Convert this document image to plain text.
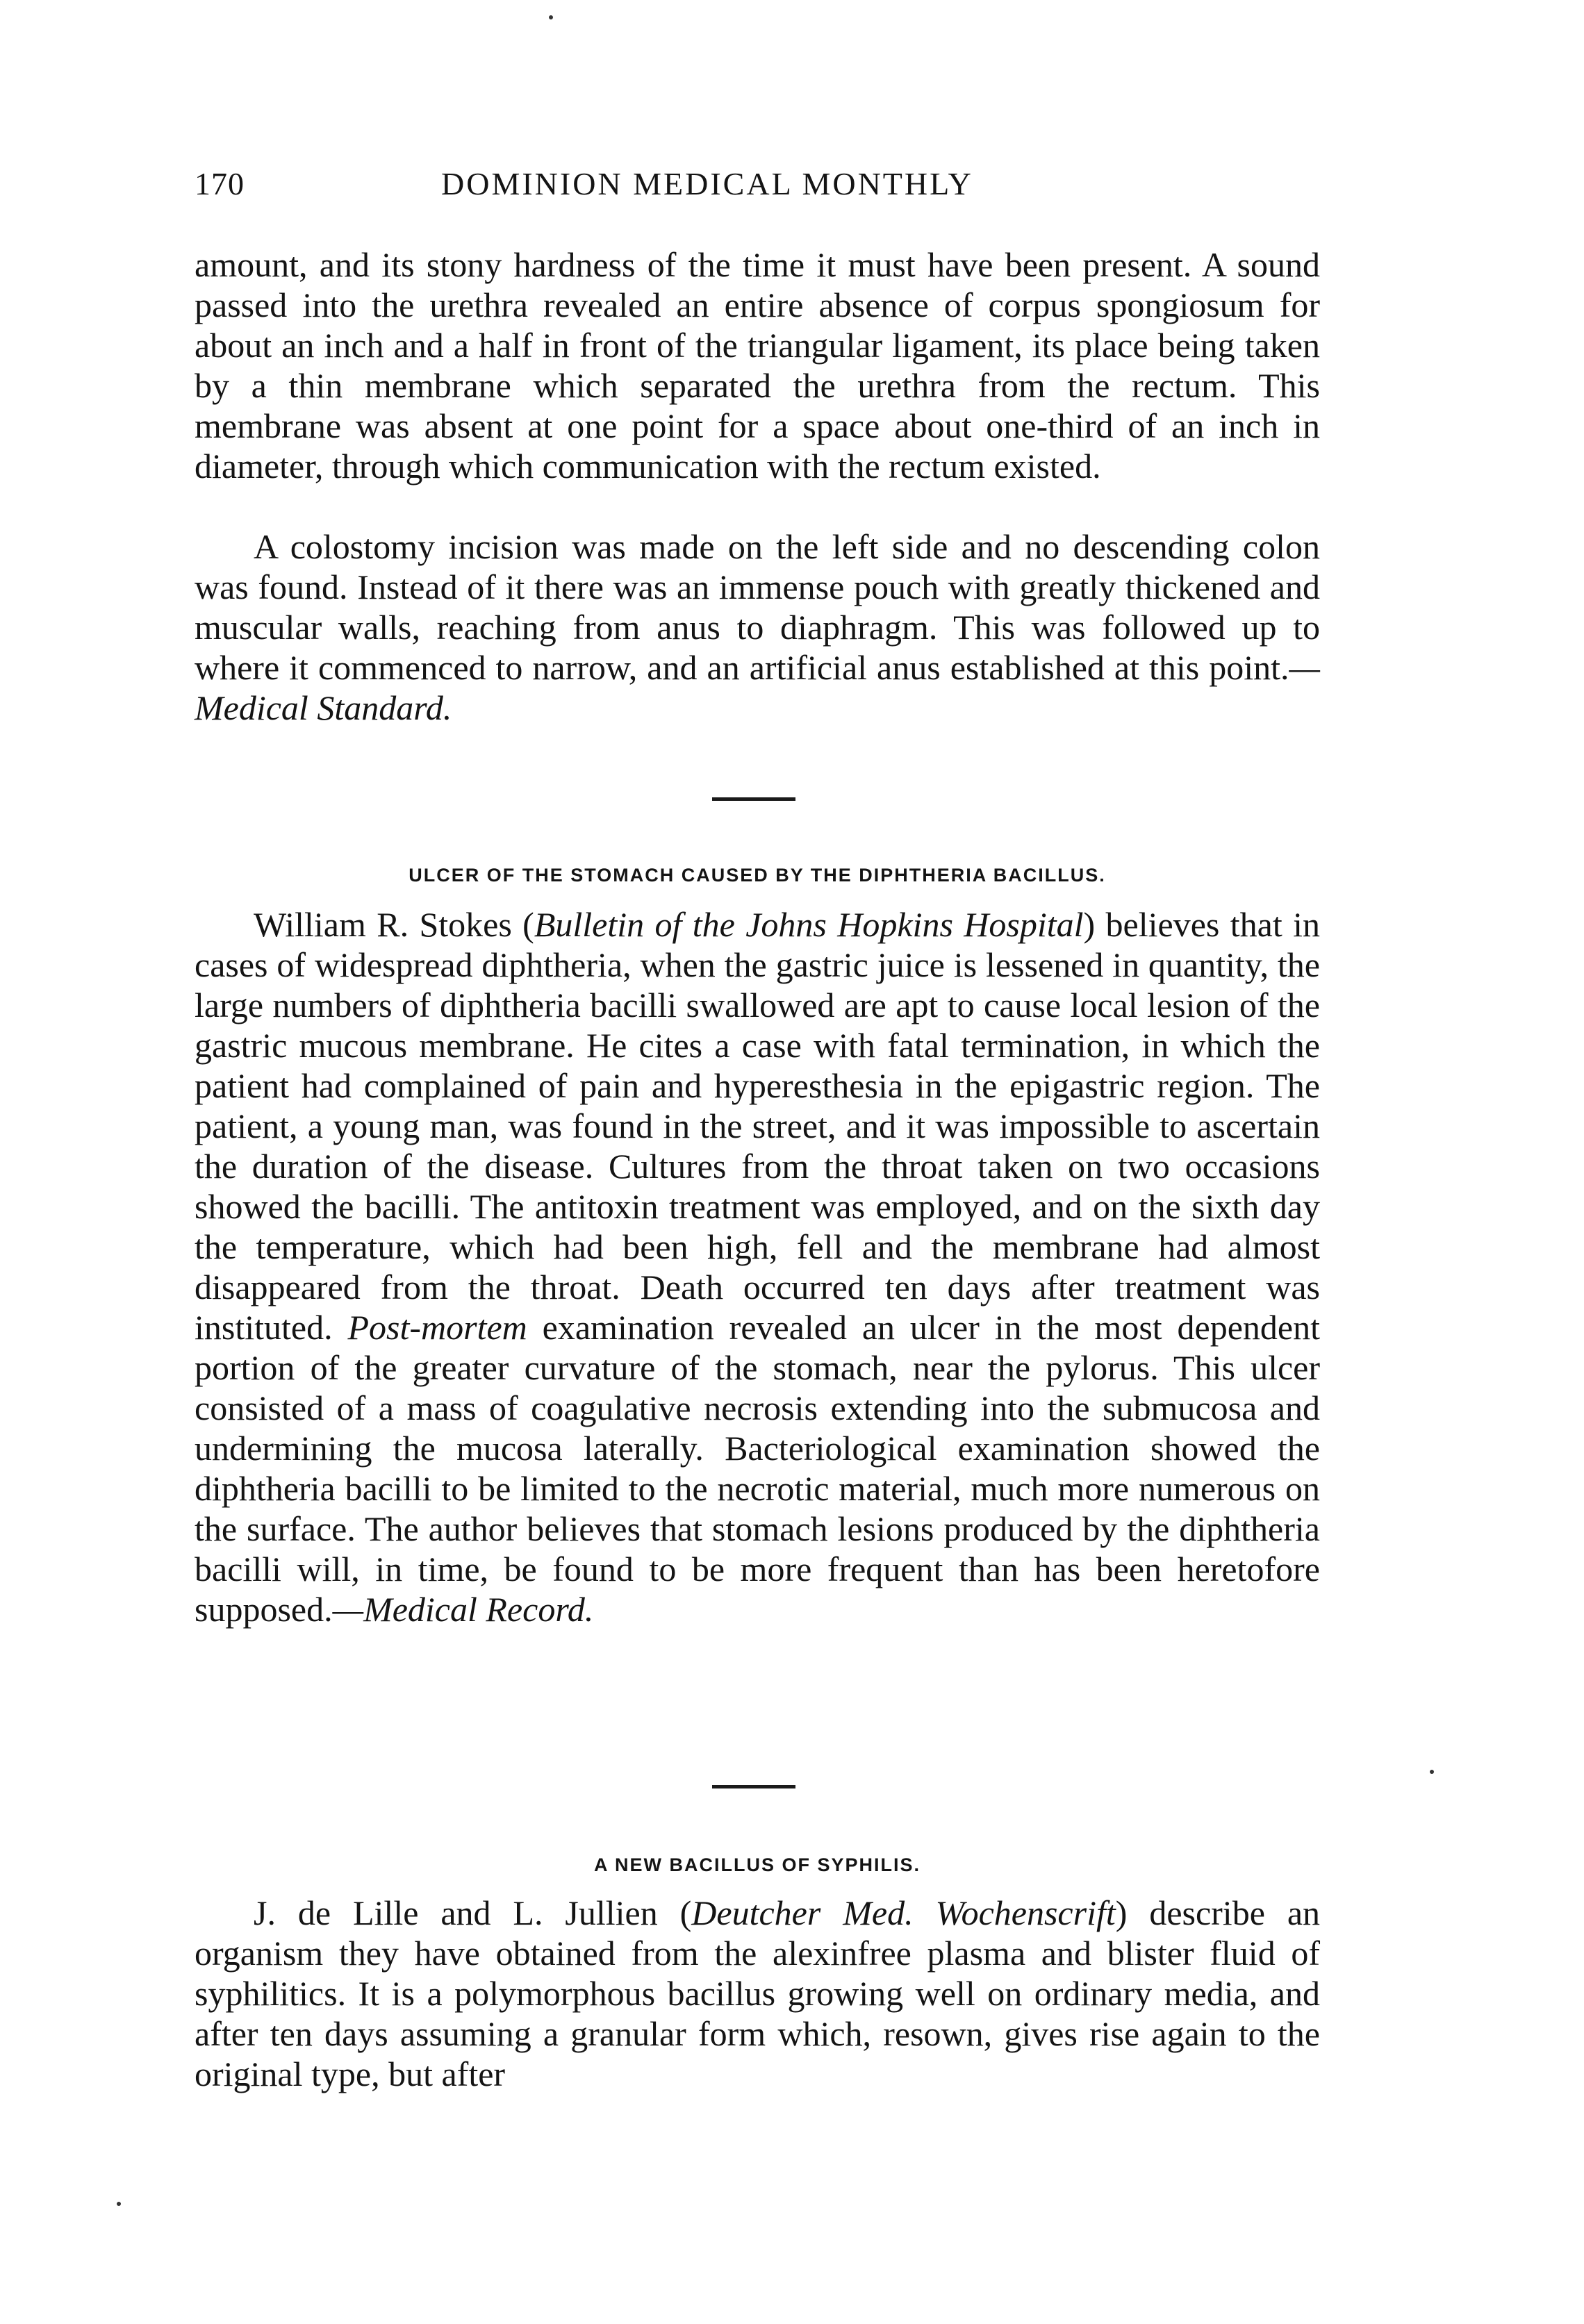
170	DOMINION MEDICAL MONTHLY

amount, and its stony hardness of the time it must have been present. A sound passed into the urethra revealed an entire absence of corpus spongiosum for about an inch and a half in front of the triangular ligament, its place being taken by a thin membrane which separated the urethra from the rectum. This membrane was absent at one point for a space about one-third of an inch in diameter, through which communication with the rectum existed.

A colostomy incision was made on the left side and no descending colon was found. Instead of it there was an immense pouch with greatly thickened and muscular walls, reaching from anus to diaphragm. This was followed up to where it commenced to narrow, and an artificial anus established at this point.—Medical Standard.

ULCER OF THE STOMACH CAUSED BY THE DIPHTHERIA BACILLUS.

William R. Stokes (Bulletin of the Johns Hopkins Hospital) believes that in cases of widespread diphtheria, when the gastric juice is lessened in quantity, the large numbers of diphtheria bacilli swallowed are apt to cause local lesion of the gastric mucous membrane. He cites a case with fatal termination, in which the patient had complained of pain and hyperesthesia in the epigastric region. The patient, a young man, was found in the street, and it was impossible to ascertain the duration of the disease. Cultures from the throat taken on two occasions showed the bacilli. The antitoxin treatment was employed, and on the sixth day the temperature, which had been high, fell and the membrane had almost disappeared from the throat. Death occurred ten days after treatment was instituted. Post-mortem examination revealed an ulcer in the most dependent portion of the greater curvature of the stomach, near the pylorus. This ulcer consisted of a mass of coagulative necrosis extending into the submucosa and undermining the mucosa laterally. Bacteriological examination showed the diphtheria bacilli to be limited to the necrotic material, much more numerous on the surface. The author believes that stomach lesions produced by the diphtheria bacilli will, in time, be found to be more frequent than has been heretofore supposed.—Medical Record.

A NEW BACILLUS OF SYPHILIS.

J. de Lille and L. Jullien (Deutcher Med. Wochenscrift) describe an organism they have obtained from the alexinfree plasma and blister fluid of syphilitics. It is a polymorphous bacillus growing well on ordinary media, and after ten days assuming a granular form which, resown, gives rise again to the original type, but after
